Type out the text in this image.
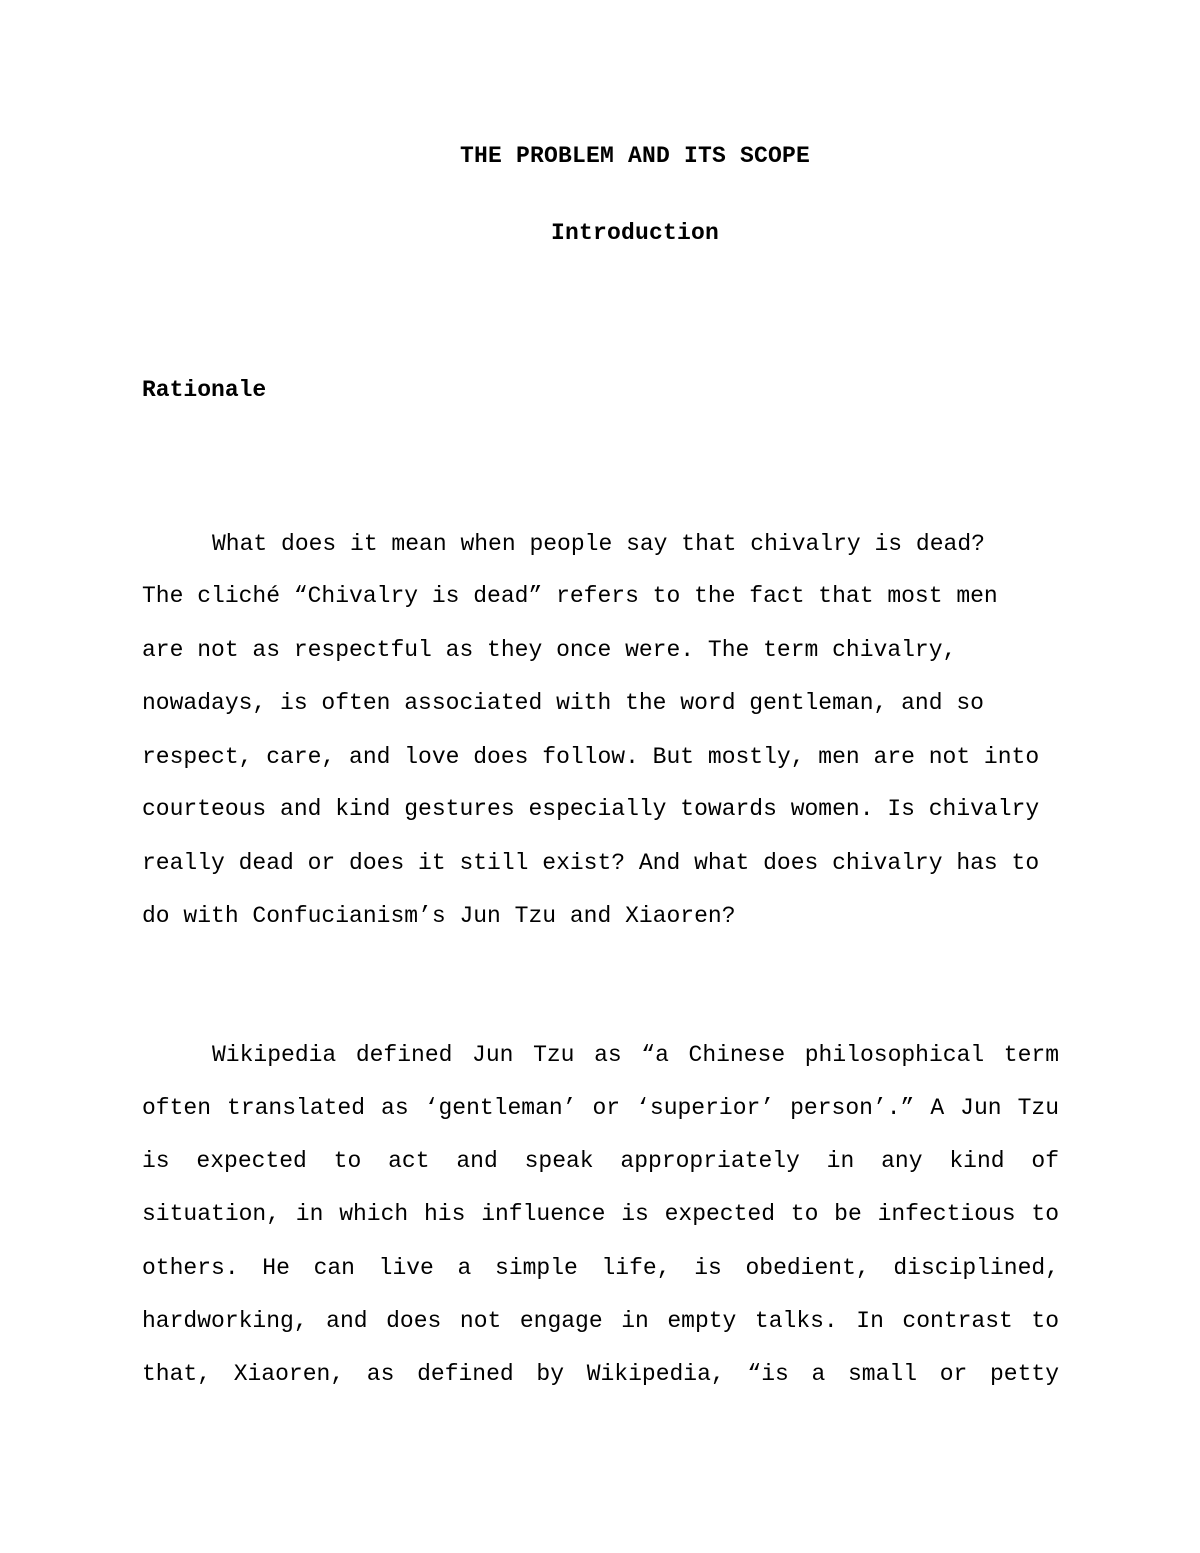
THE PROBLEM AND ITS SCOPE
Introduction
Rationale
What does it mean when people say that chivalry is dead?
The cliché “Chivalry is dead” refers to the fact that most men
are not as respectful as they once were. The term chivalry,
nowadays, is often associated with the word gentleman, and so
respect, care, and love does follow. But mostly, men are not into
courteous and kind gestures especially towards women. Is chivalry
really dead or does it still exist? And what does chivalry has to
do with Confucianism’s Jun Tzu and Xiaoren?
Wikipedia defined Jun Tzu as “a Chinese philosophical term
often translated as ‘gentleman’ or ‘superior’ person’.” A Jun Tzu
is expected to act and speak appropriately in any kind of
situation, in which his influence is expected to be infectious to
others. He can live a simple life, is obedient, disciplined,
hardworking, and does not engage in empty talks. In contrast to
that, Xiaoren, as defined by Wikipedia, “is a small or petty
